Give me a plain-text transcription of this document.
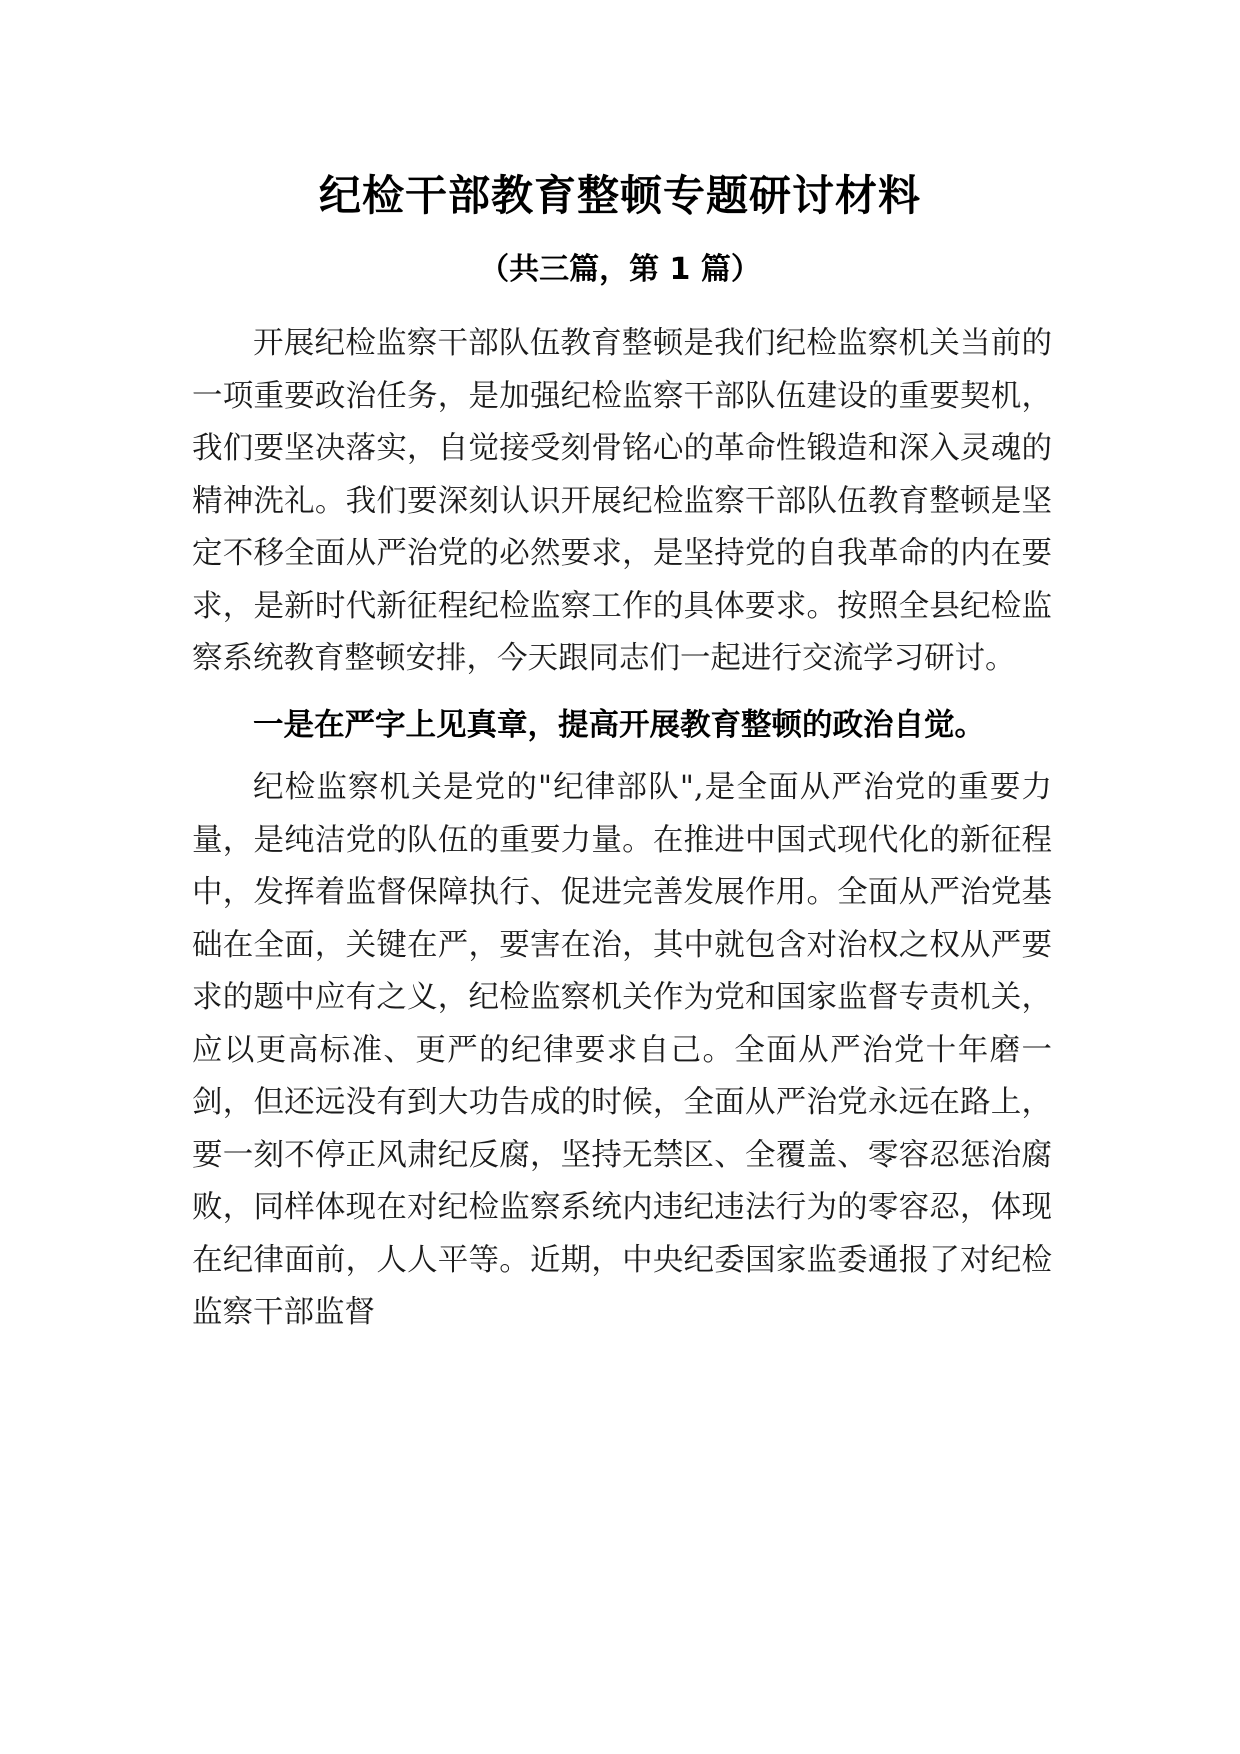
纪检干部教育整顿专题研讨材料
（共三篇，第 1 篇）

开展纪检监察干部队伍教育整顿是我们纪检监察机关当前的一项重要政治任务，是加强纪检监察干部队伍建设的重要契机，我们要坚决落实，自觉接受刻骨铭心的革命性锻造和深入灵魂的精神洗礼。我们要深刻认识开展纪检监察干部队伍教育整顿是坚定不移全面从严治党的必然要求，是坚持党的自我革命的内在要求，是新时代新征程纪检监察工作的具体要求。按照全县纪检监察系统教育整顿安排，今天跟同志们一起进行交流学习研讨。

一是在严字上见真章，提高开展教育整顿的政治自觉。

纪检监察机关是党的"纪律部队",是全面从严治党的重要力量，是纯洁党的队伍的重要力量。在推进中国式现代化的新征程中，发挥着监督保障执行、促进完善发展作用。全面从严治党基础在全面，关键在严，要害在治，其中就包含对治权之权从严要求的题中应有之义，纪检监察机关作为党和国家监督专责机关，应以更高标准、更严的纪律要求自己。全面从严治党十年磨一剑，但还远没有到大功告成的时候，全面从严治党永远在路上，要一刻不停正风肃纪反腐，坚持无禁区、全覆盖、零容忍惩治腐败，同样体现在对纪检监察系统内违纪违法行为的零容忍，体现在纪律面前，人人平等。近期，中央纪委国家监委通报了对纪检监察干部监督
